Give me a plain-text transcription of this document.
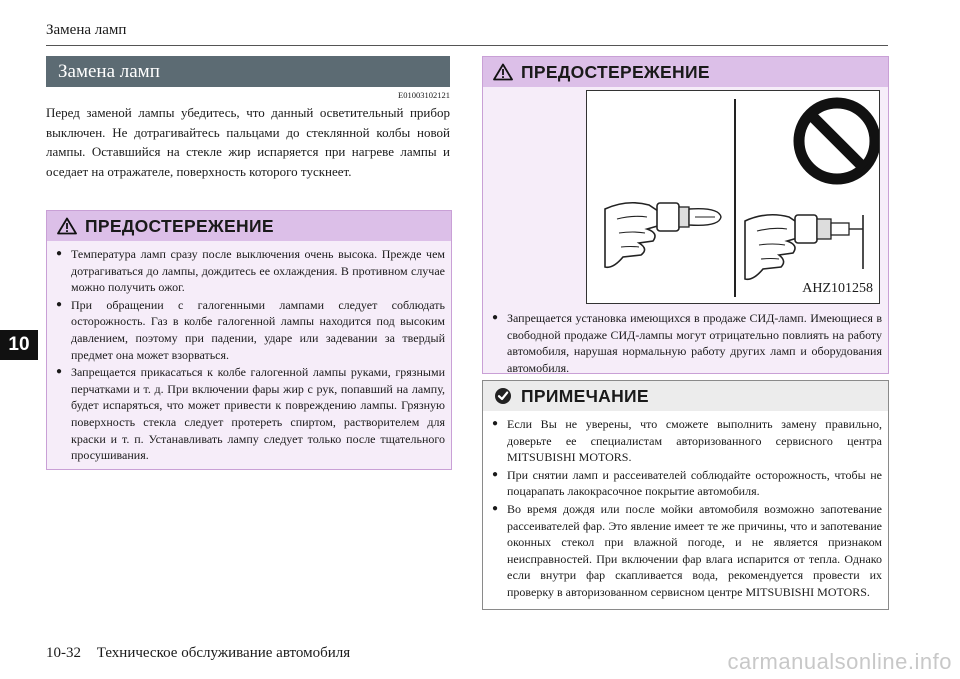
Замена ламп
10
Замена ламп
E01003102121
Перед заменой лампы убедитесь, что данный осветительный прибор выключен. Не дотрагивайтесь пальцами до стеклянной колбы новой лампы. Оставшийся на стекле жир испаряется при нагреве лампы и оседает на отражателе, поверхность которого тускнеет.
ПРЕДОСТЕРЕЖЕНИЕ
● Температура ламп сразу после выключения очень высока. Прежде чем дотрагиваться до лампы, дождитесь ее охлаждения. В противном случае можно получить ожог.
● При обращении с галогенными лампами следует соблюдать осторожность. Газ в колбе галогенной лампы находится под высоким давлением, поэтому при падении, ударе или задевании за твердый предмет она может взорваться.
● Запрещается прикасаться к колбе галогенной лампы руками, грязными перчатками и т. д. При включении фары жир с рук, попавший на лампу, будет испаряться, что может привести к повреждению лампы. Грязную поверхность стекла следует протереть спиртом, растворителем для краски и т. п. Устанавливать лампу следует только после тщательного просушивания.
ПРЕДОСТЕРЕЖЕНИЕ
AHZ101258
● Запрещается установка имеющихся в продаже СИД-ламп. Имеющиеся в свободной продаже СИД-лампы могут отрицательно повлиять на работу автомобиля, нарушая нормальную работу других ламп и оборудования автомобиля.
ПРИМЕЧАНИЕ
● Если Вы не уверены, что сможете выполнить замену правильно, доверьте ее специалистам авторизованного сервисного центра MITSUBISHI MOTORS.
● При снятии ламп и рассеивателей соблюдайте осторожность, чтобы не поцарапать лакокрасочное покрытие автомобиля.
● Во время дождя или после мойки автомобиля возможно запотевание рассеивателей фар. Это явление имеет те же причины, что и запотевание оконных стекол при влажной погоде, и не является признаком неисправностей. При включении фар влага испарится от тепла. Однако если внутри фар скапливается вода, рекомендуется провести их проверку в авторизованном сервисном центре MITSUBISHI MOTORS.
10-32 Техническое обслуживание автомобиля	carmanualsonline.info
